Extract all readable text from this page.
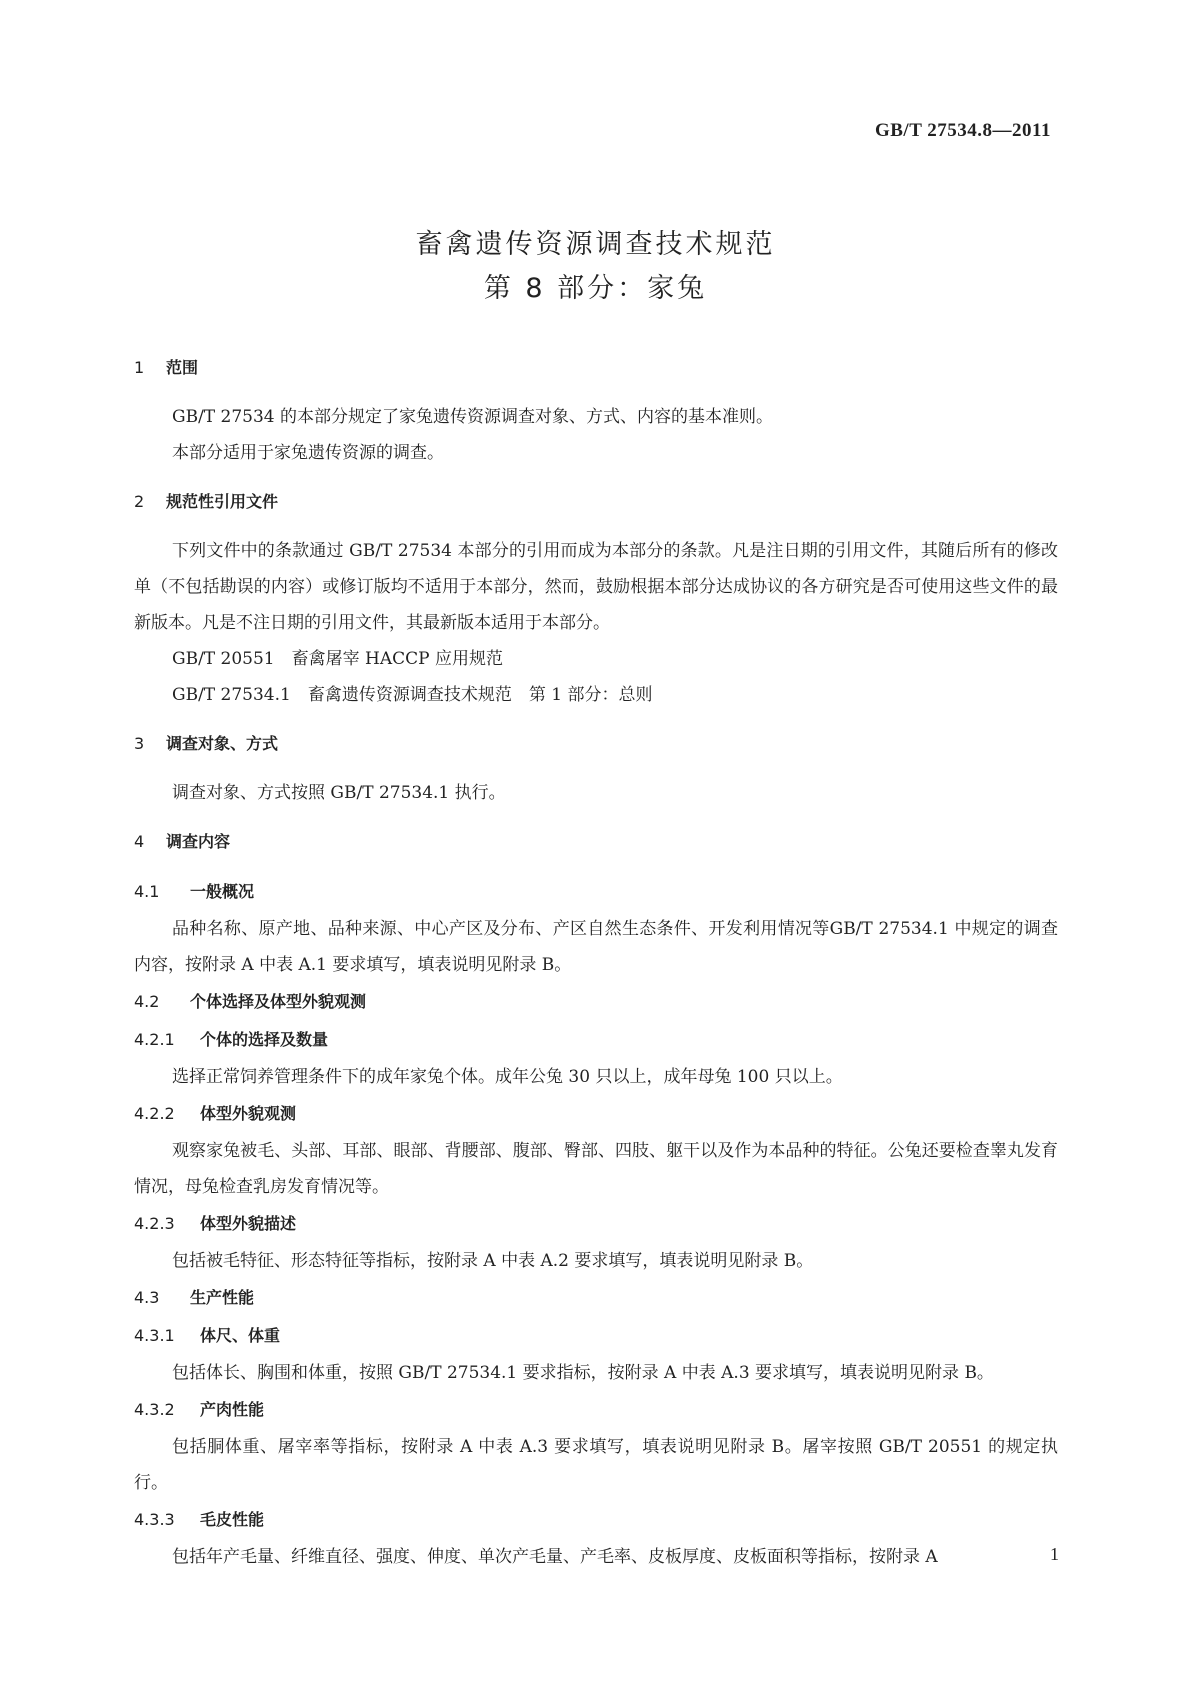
GB/T 27534.8—2011
畜禽遗传资源调查技术规范
第 8 部分：家兔
1 范围

GB/T 27534 的本部分规定了家兔遗传资源调查对象、方式、内容的基本准则。

本部分适用于家兔遗传资源的调查。

2 规范性引用文件

下列文件中的条款通过 GB/T 27534 本部分的引用而成为本部分的条款。凡是注日期的引用文件，其随后所有的修改单（不包括勘误的内容）或修订版均不适用于本部分，然而，鼓励根据本部分达成协议的各方研究是否可使用这些文件的最新版本。凡是不注日期的引用文件，其最新版本适用于本部分。

GB/T 20551　畜禽屠宰 HACCP 应用规范

GB/T 27534.1　畜禽遗传资源调查技术规范　第 1 部分：总则

3 调查对象、方式

调查对象、方式按照 GB/T 27534.1 执行。

4 调查内容
4.1 一般概况

品种名称、原产地、品种来源、中心产区及分布、产区自然生态条件、开发利用情况等GB/T 27534.1 中规定的调查内容，按附录 A 中表 A.1 要求填写，填表说明见附录 B。

4.2 个体选择及体型外貌观测
4.2.1 个体的选择及数量

选择正常饲养管理条件下的成年家兔个体。成年公兔 30 只以上，成年母兔 100 只以上。

4.2.2 体型外貌观测

观察家兔被毛、头部、耳部、眼部、背腰部、腹部、臀部、四肢、躯干以及作为本品种的特征。公兔还要检查睾丸发育情况，母兔检查乳房发育情况等。

4.2.3 体型外貌描述

包括被毛特征、形态特征等指标，按附录 A 中表 A.2 要求填写，填表说明见附录 B。

4.3 生产性能
4.3.1 体尺、体重

包括体长、胸围和体重，按照 GB/T 27534.1 要求指标，按附录 A 中表 A.3 要求填写，填表说明见附录 B。

4.3.2 产肉性能

包括胴体重、屠宰率等指标，按附录 A 中表 A.3 要求填写，填表说明见附录 B。屠宰按照 GB/T 20551 的规定执行。

4.3.3 毛皮性能

包括年产毛量、纤维直径、强度、伸度、单次产毛量、产毛率、皮板厚度、皮板面积等指标，按附录 A	1
